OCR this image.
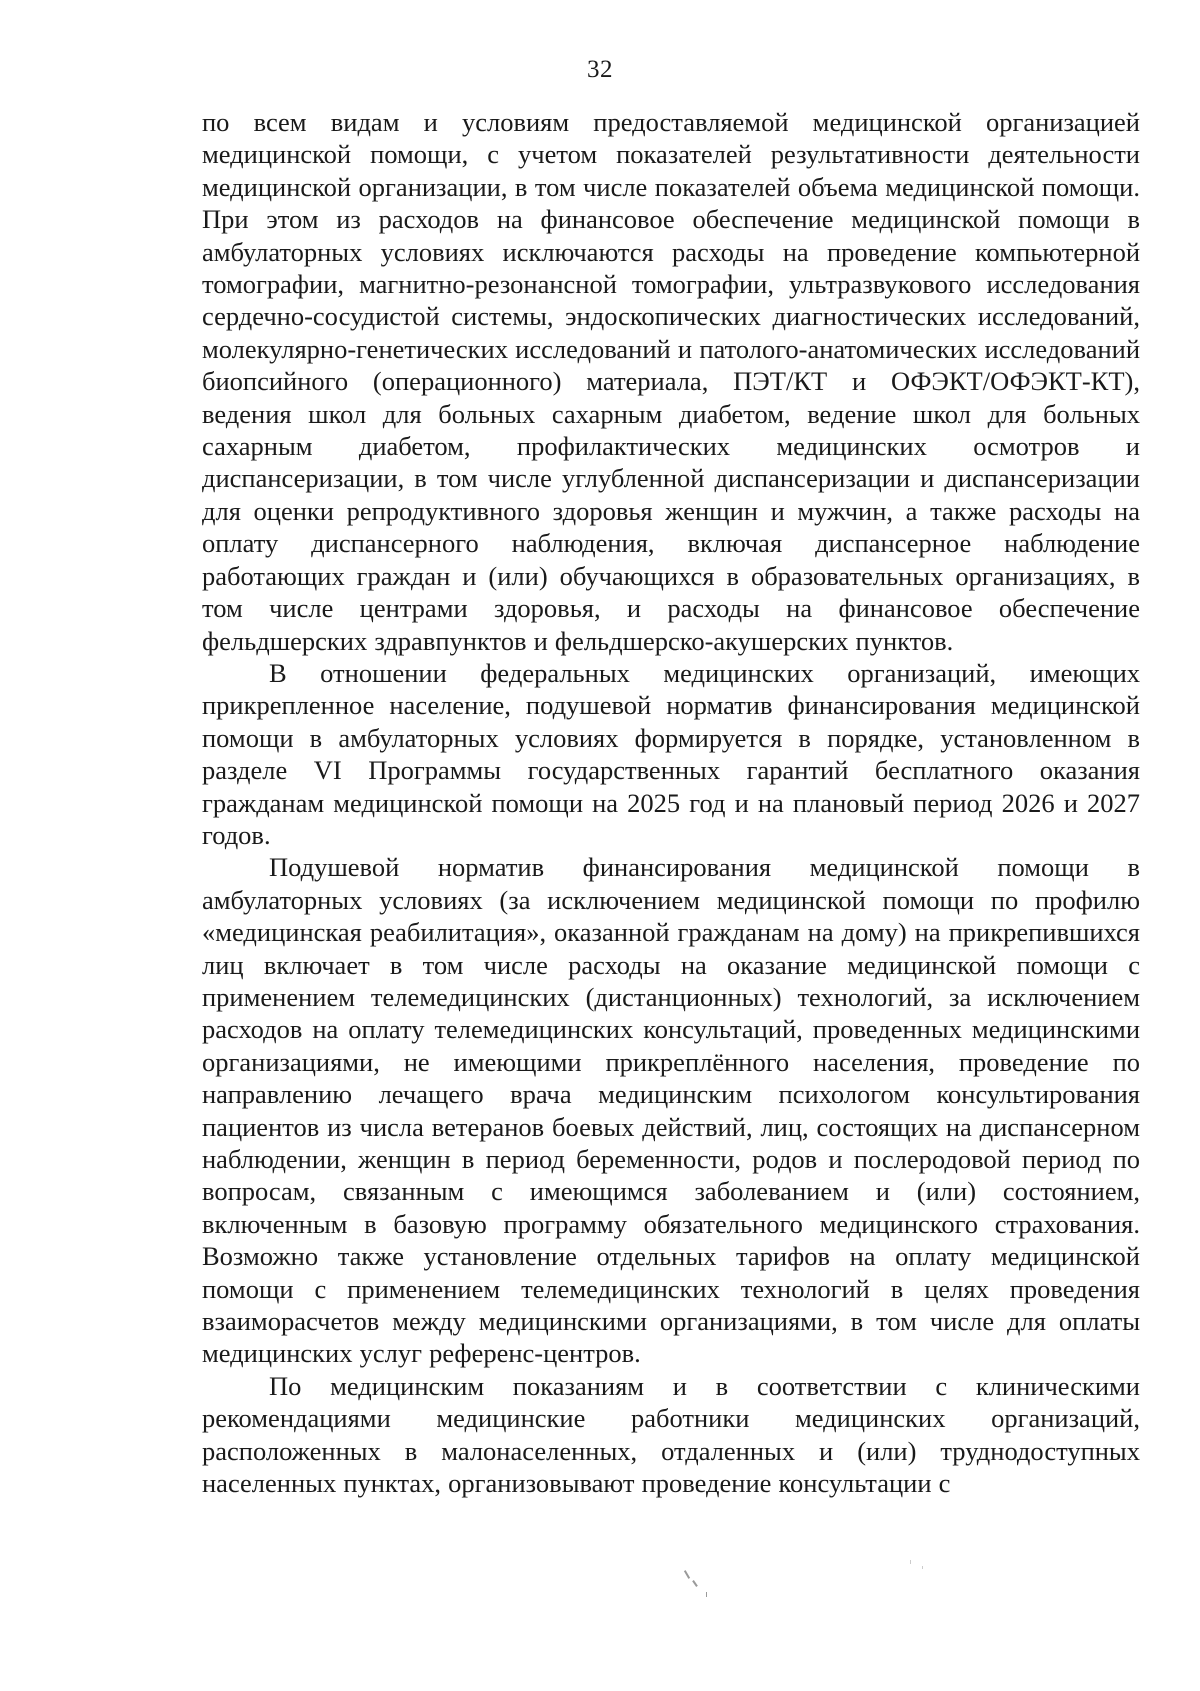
32

по всем видам и условиям предоставляемой медицинской организацией медицинской помощи, с учетом показателей результативности деятельности медицинской организации, в том числе показателей объема медицинской помощи. При этом из расходов на финансовое обеспечение медицинской помощи в амбулаторных условиях исключаются расходы на проведение компьютерной томографии, магнитно-резонансной томографии, ультразвукового исследования сердечно-сосудистой системы, эндоскопических диагностических исследований, молекулярно-генетических исследований и патолого-анатомических исследований биопсийного (операционного) материала, ПЭТ/КТ и ОФЭКТ/ОФЭКТ-КТ), ведения школ для больных сахарным диабетом, ведение школ для больных сахарным диабетом, профилактических медицинских осмотров и диспансеризации, в том числе углубленной диспансеризации и диспансеризации для оценки репродуктивного здоровья женщин и мужчин, а также расходы на оплату диспансерного наблюдения, включая диспансерное наблюдение работающих граждан и (или) обучающихся в образовательных организациях, в том числе центрами здоровья, и расходы на финансовое обеспечение фельдшерских здравпунктов и фельдшерско-акушерских пунктов.

В отношении федеральных медицинских организаций, имеющих прикрепленное население, подушевой норматив финансирования медицинской помощи в амбулаторных условиях формируется в порядке, установленном в разделе VI Программы государственных гарантий бесплатного оказания гражданам медицинской помощи на 2025 год и на плановый период 2026 и 2027 годов.

Подушевой норматив финансирования медицинской помощи в амбулаторных условиях (за исключением медицинской помощи по профилю «медицинская реабилитация», оказанной гражданам на дому) на прикрепившихся лиц включает в том числе расходы на оказание медицинской помощи с применением телемедицинских (дистанционных) технологий, за исключением расходов на оплату телемедицинских консультаций, проведенных медицинскими организациями, не имеющими прикреплённого населения, проведение по направлению лечащего врача медицинским психологом консультирования пациентов из числа ветеранов боевых действий, лиц, состоящих на диспансерном наблюдении, женщин в период беременности, родов и послеродовой период по вопросам, связанным с имеющимся заболеванием и (или) состоянием, включенным в базовую программу обязательного медицинского страхования. Возможно также установление отдельных тарифов на оплату медицинской помощи с применением телемедицинских технологий в целях проведения взаиморасчетов между медицинскими организациями, в том числе для оплаты медицинских услуг референс-центров.

По медицинским показаниям и в соответствии с клиническими рекомендациями медицинские работники медицинских организаций, расположенных в малонаселенных, отдаленных и (или) труднодоступных населенных пунктах, организовывают проведение консультации с
